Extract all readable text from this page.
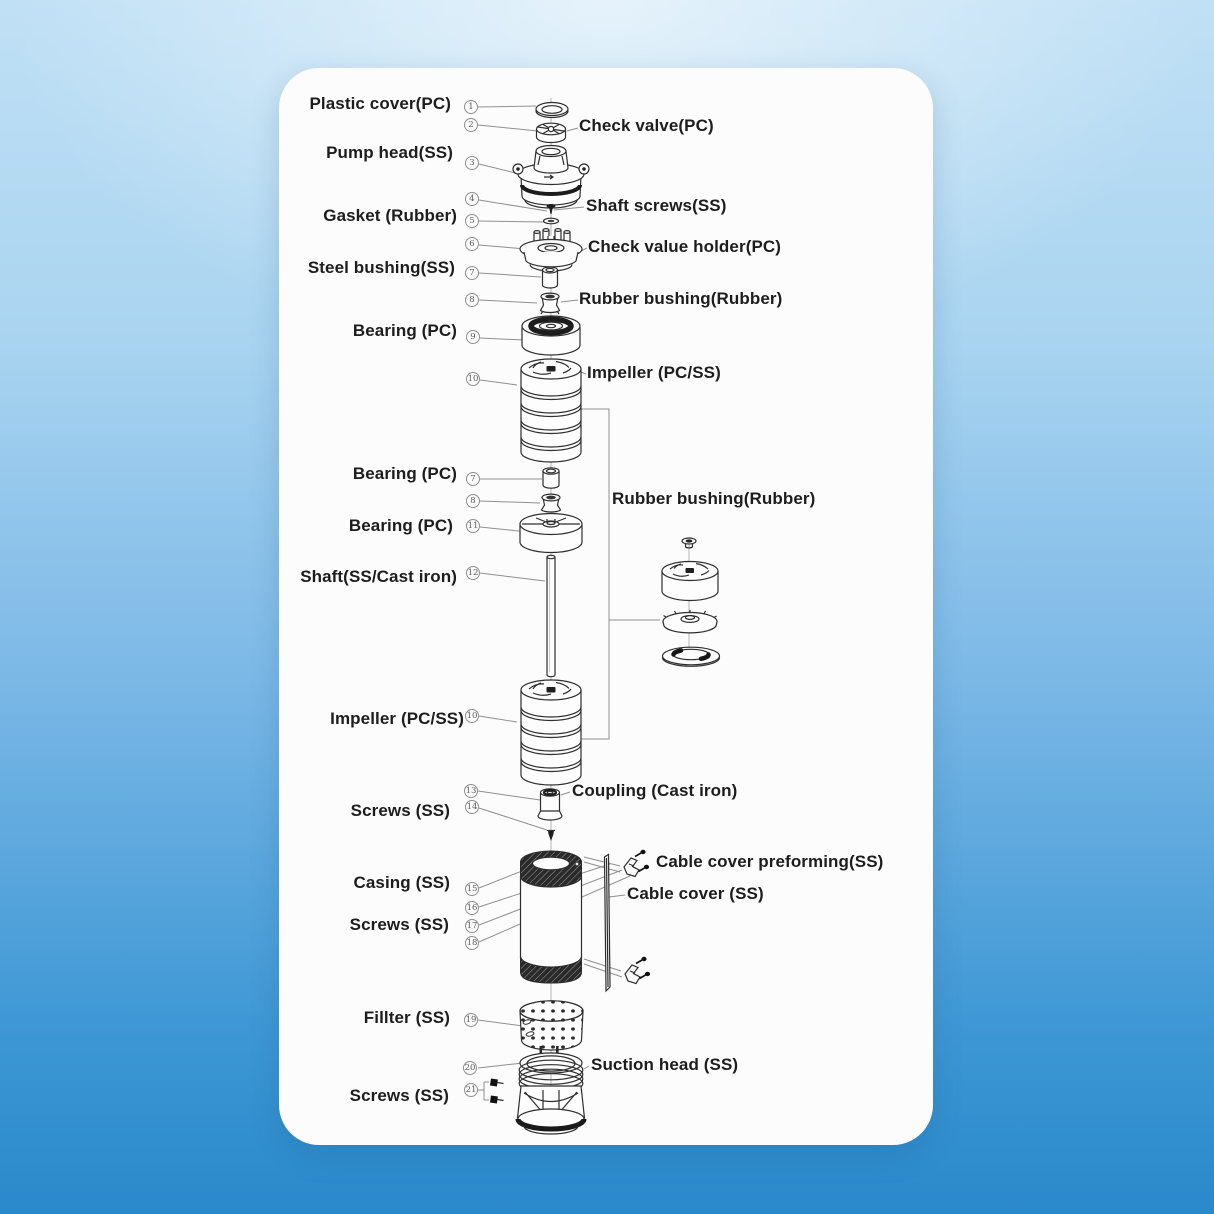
Plastic cover(PC)
Pump head(SS)
Gasket (Rubber)
Steel bushing(SS)
Bearing (PC)
Bearing (PC)
Bearing (PC)
Shaft(SS/Cast iron)
Impeller (PC/SS)
Screws (SS)
Casing (SS)
Screws (SS)
Fillter (SS)
Screws (SS)
Check valve(PC)
Shaft screws(SS)
Check value holder(PC)
Rubber bushing(Rubber)
Impeller (PC/SS)
Rubber bushing(Rubber)
Coupling (Cast iron)
Cable cover preforming(SS)
Cable cover (SS)
Suction head (SS)
1
2
3
4
5
6
7
8
9
10
7
8
11
12
10
13
14
15
16
17
18
19
20
21
